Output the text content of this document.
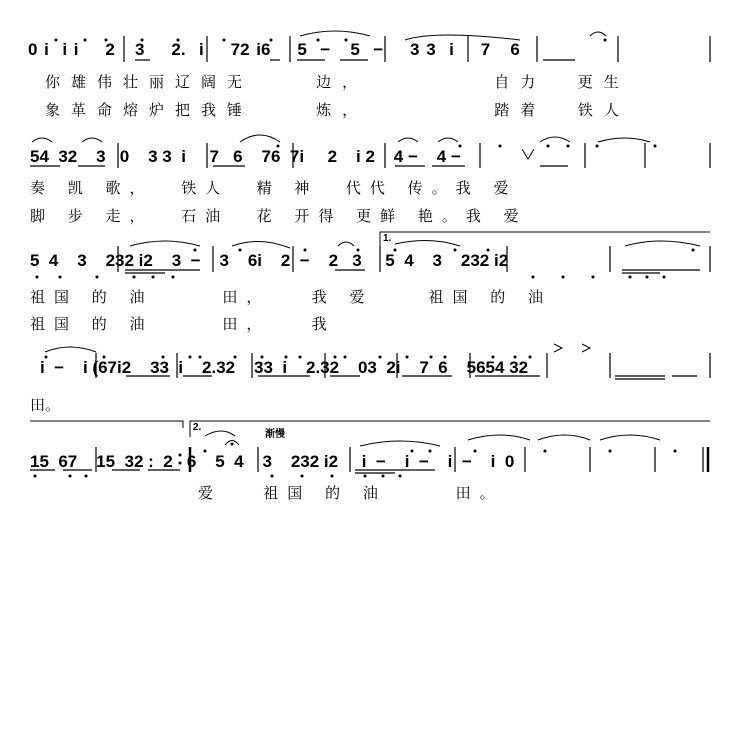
0 i  i i    2   3    2.  i    72 i6    5  −   5  −    3 3  i    7   6
你雄伟壮丽辽阔无    边，        自力  更生
象革命熔炉把我锤    炼，        踏着  铁人
54  32    3   0    3 3  i     7   6    76  7i     2    i 2    4 −    4 −
奏 凯 歌，  铁人  精 神  代代 传。我 爱
脚 步 走，  石油  花 开得 更鲜 艳。我 爱
1.
5  4    3    232 i2    3  −    3    6i    2  −    2   3     5  4    3    232 i2
祖国 的 油     田，   我 爱    祖国 的 油
祖国 的 油     田，   我
i  −    i (67i2    33  i    2.32    33  i    2.32    03  2i    7  6    5654 32
田。
2.
渐慢
15  67    15  32 :  2   6    5  4    3    232 i2     i  −    i  −    i  −    i  0
爱   祖国 的 油     田。
